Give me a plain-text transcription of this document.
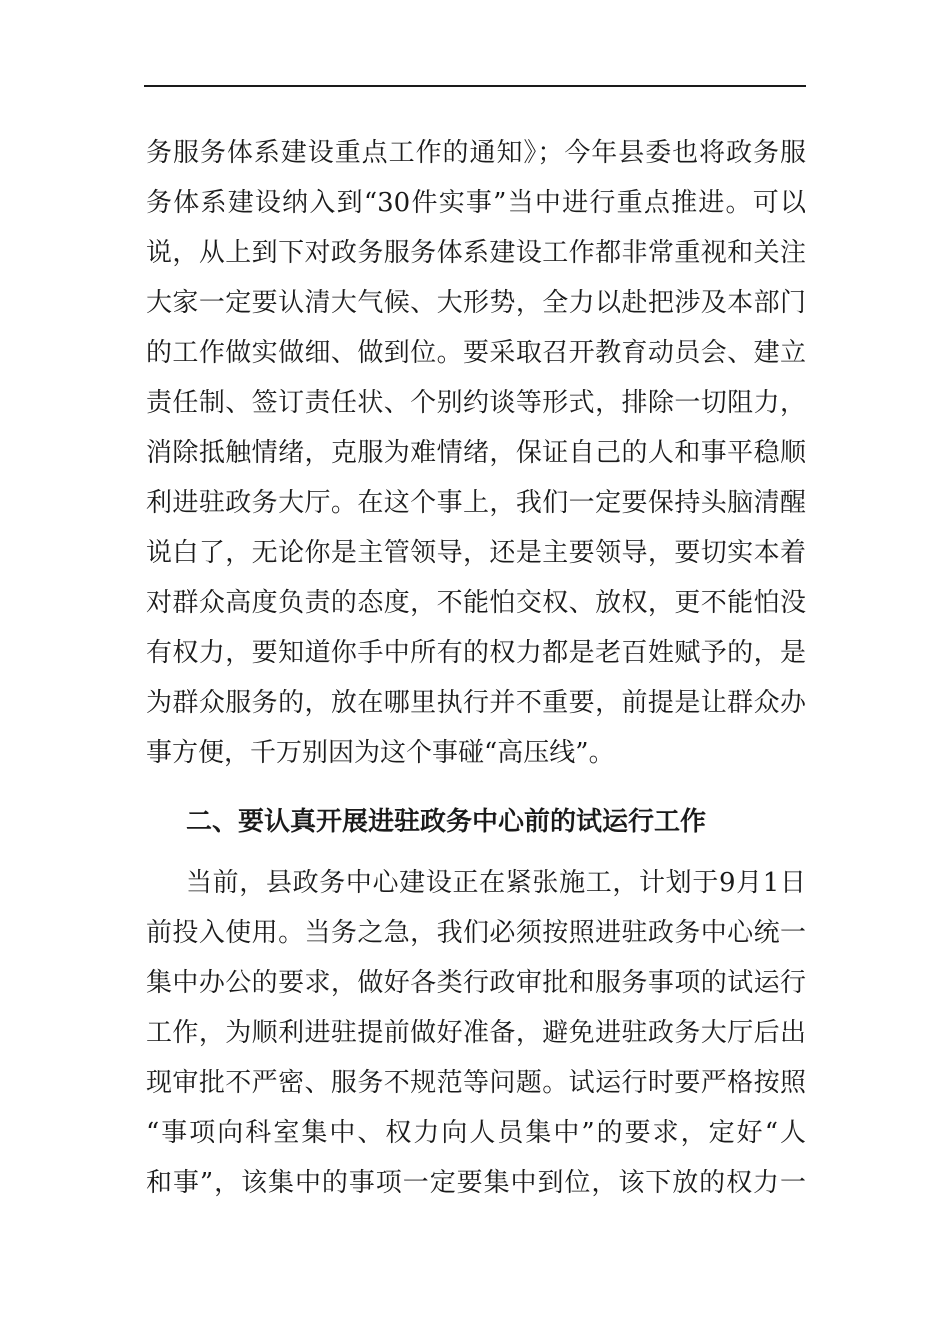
务服务体系建设重点工作的通知》；今年县委也将政务服
务体系建设纳入到“30件实事”当中进行重点推进。可以
说，从上到下对政务服务体系建设工作都非常重视和关注
大家一定要认清大气候、大形势，全力以赴把涉及本部门
的工作做实做细、做到位。要采取召开教育动员会、建立
责任制、签订责任状、个别约谈等形式，排除一切阻力，
消除抵触情绪，克服为难情绪，保证自己的人和事平稳顺
利进驻政务大厅。在这个事上，我们一定要保持头脑清醒
说白了，无论你是主管领导，还是主要领导，要切实本着
对群众高度负责的态度，不能怕交权、放权，更不能怕没
有权力，要知道你手中所有的权力都是老百姓赋予的，是
为群众服务的，放在哪里执行并不重要，前提是让群众办
事方便，千万别因为这个事碰“高压线”。
二、要认真开展进驻政务中心前的试运行工作
当前，县政务中心建设正在紧张施工，计划于9月1日
前投入使用。当务之急，我们必须按照进驻政务中心统一
集中办公的要求，做好各类行政审批和服务事项的试运行
工作，为顺利进驻提前做好准备，避免进驻政务大厅后出
现审批不严密、服务不规范等问题。试运行时要严格按照
“事项向科室集中、权力向人员集中”的要求，定好“人
和事”，该集中的事项一定要集中到位，该下放的权力一
